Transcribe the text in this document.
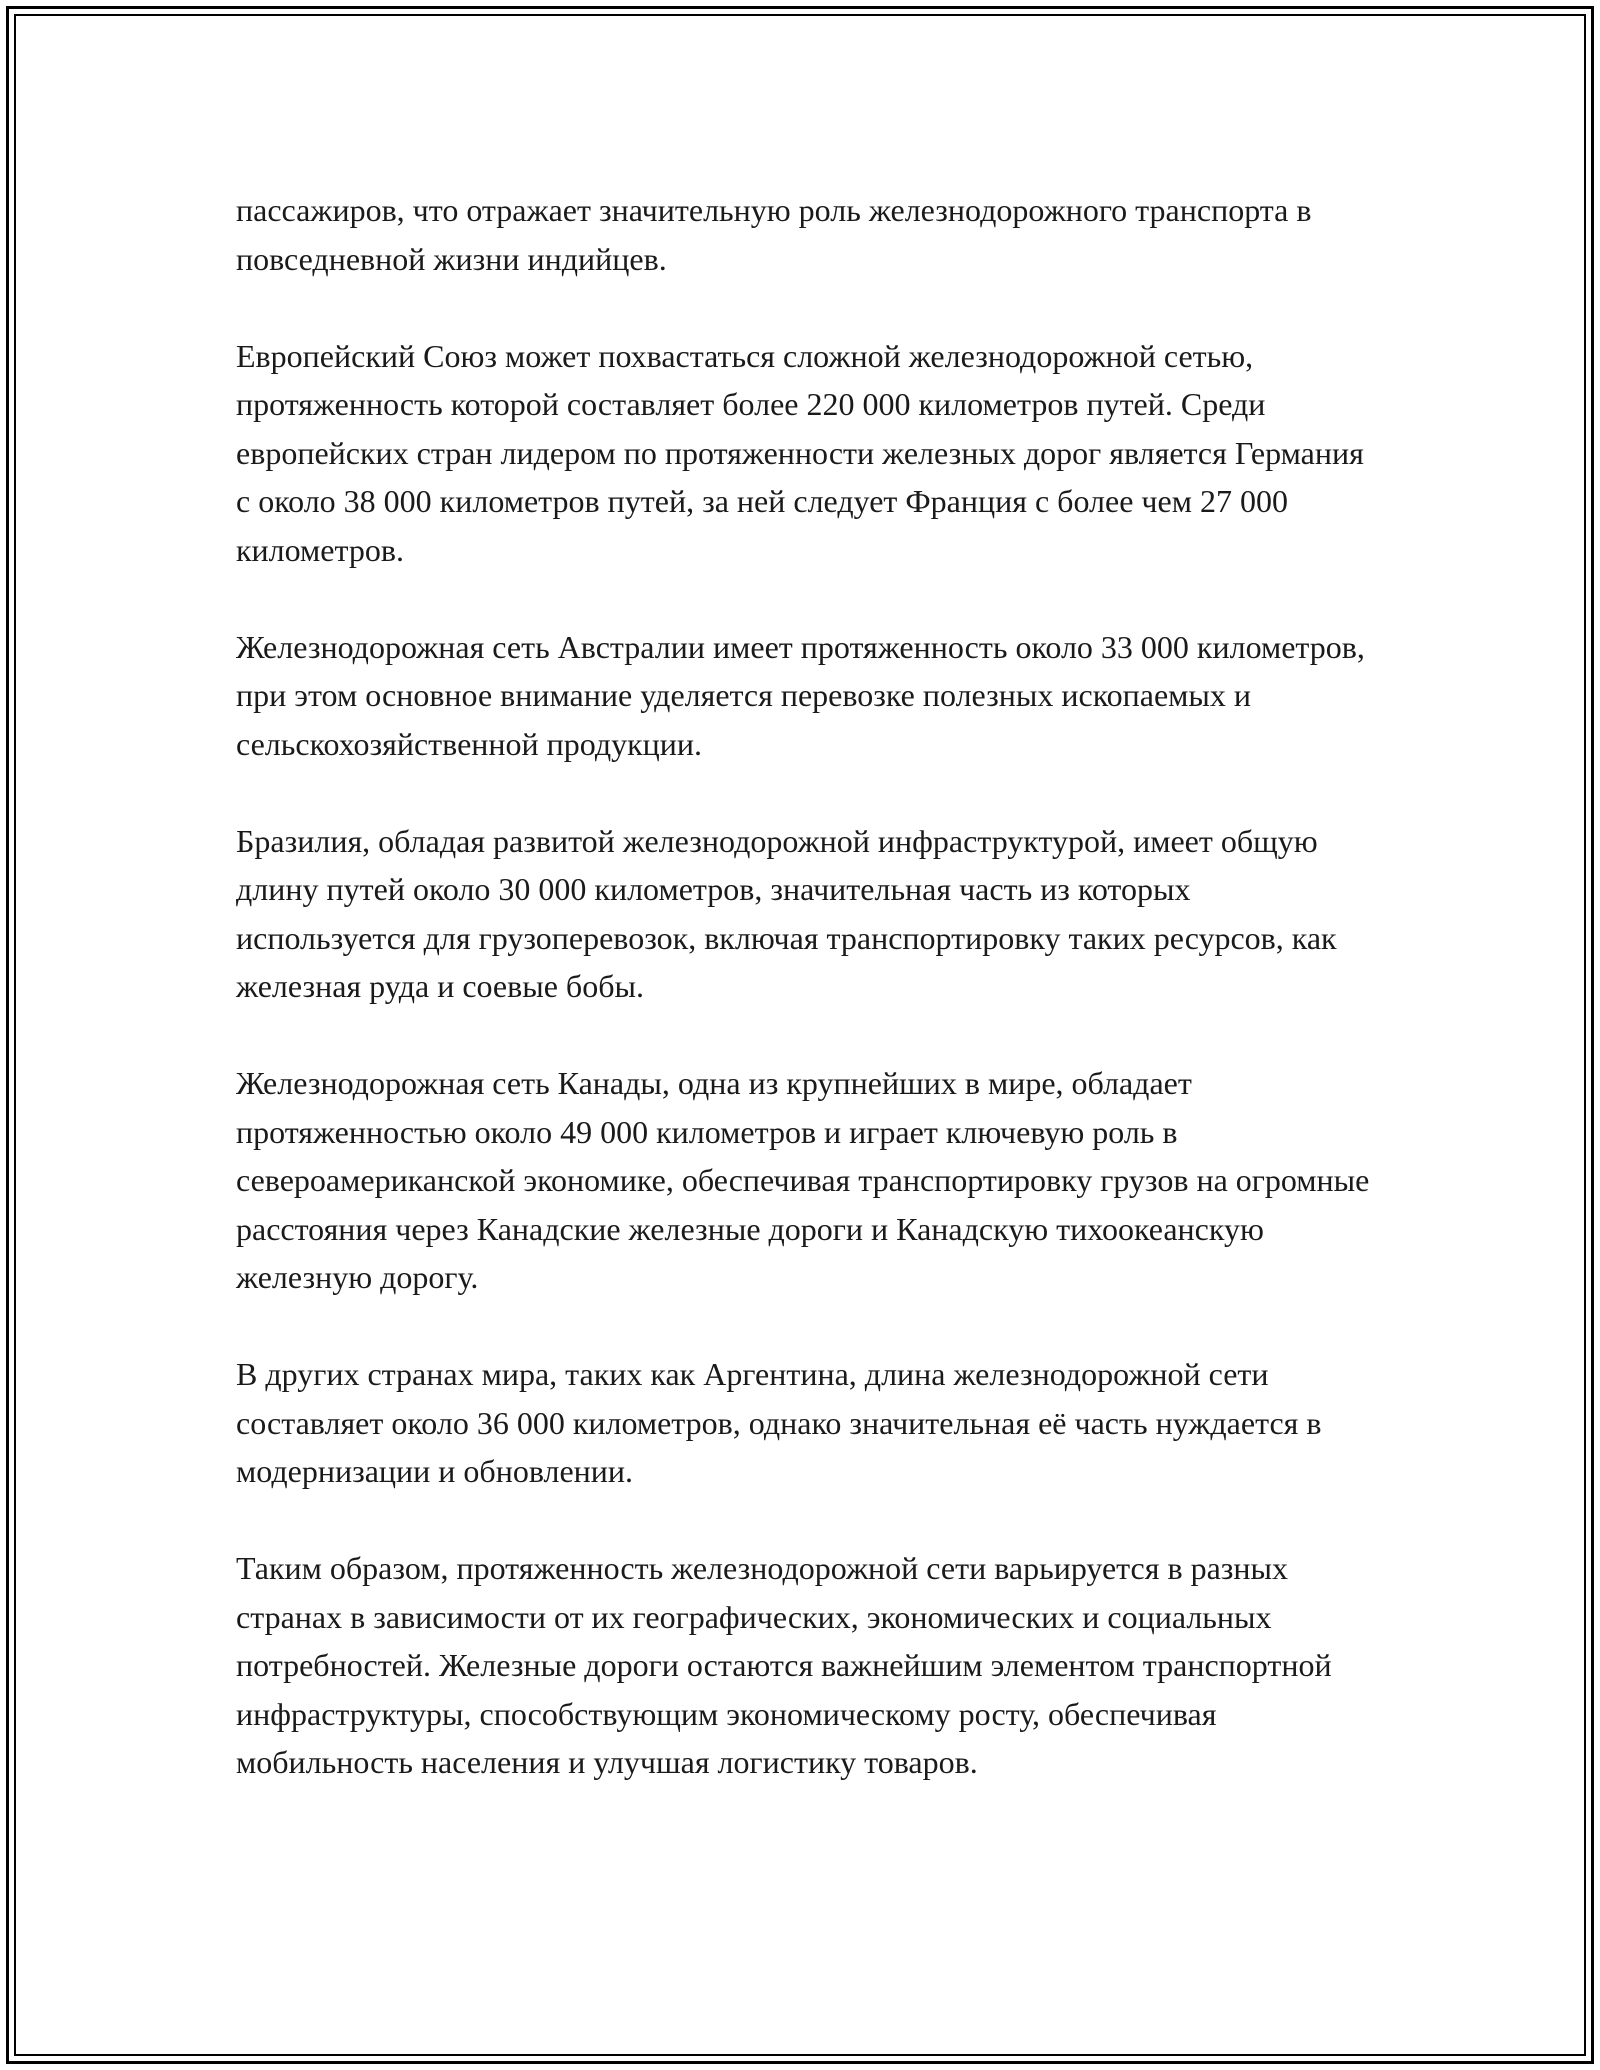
пассажиров, что отражает значительную роль железнодорожного транспорта в повседневной жизни индийцев.

Европейский Союз может похвастаться сложной железнодорожной сетью, протяженность которой составляет более 220 000 километров путей. Среди европейских стран лидером по протяженности железных дорог является Германия с около 38 000 километров путей, за ней следует Франция с более чем 27 000 километров.

Железнодорожная сеть Австралии имеет протяженность около 33 000 километров, при этом основное внимание уделяется перевозке полезных ископаемых и сельскохозяйственной продукции.

Бразилия, обладая развитой железнодорожной инфраструктурой, имеет общую длину путей около 30 000 километров, значительная часть из которых используется для грузоперевозок, включая транспортировку таких ресурсов, как железная руда и соевые бобы.

Железнодорожная сеть Канады, одна из крупнейших в мире, обладает протяженностью около 49 000 километров и играет ключевую роль в североамериканской экономике, обеспечивая транспортировку грузов на огромные расстояния через Канадские железные дороги и Канадскую тихоокеанскую железную дорогу.

В других странах мира, таких как Аргентина, длина железнодорожной сети составляет около 36 000 километров, однако значительная её часть нуждается в модернизации и обновлении.

Таким образом, протяженность железнодорожной сети варьируется в разных странах в зависимости от их географических, экономических и социальных потребностей. Железные дороги остаются важнейшим элементом транспортной инфраструктуры, способствующим экономическому росту, обеспечивая мобильность населения и улучшая логистику товаров.
